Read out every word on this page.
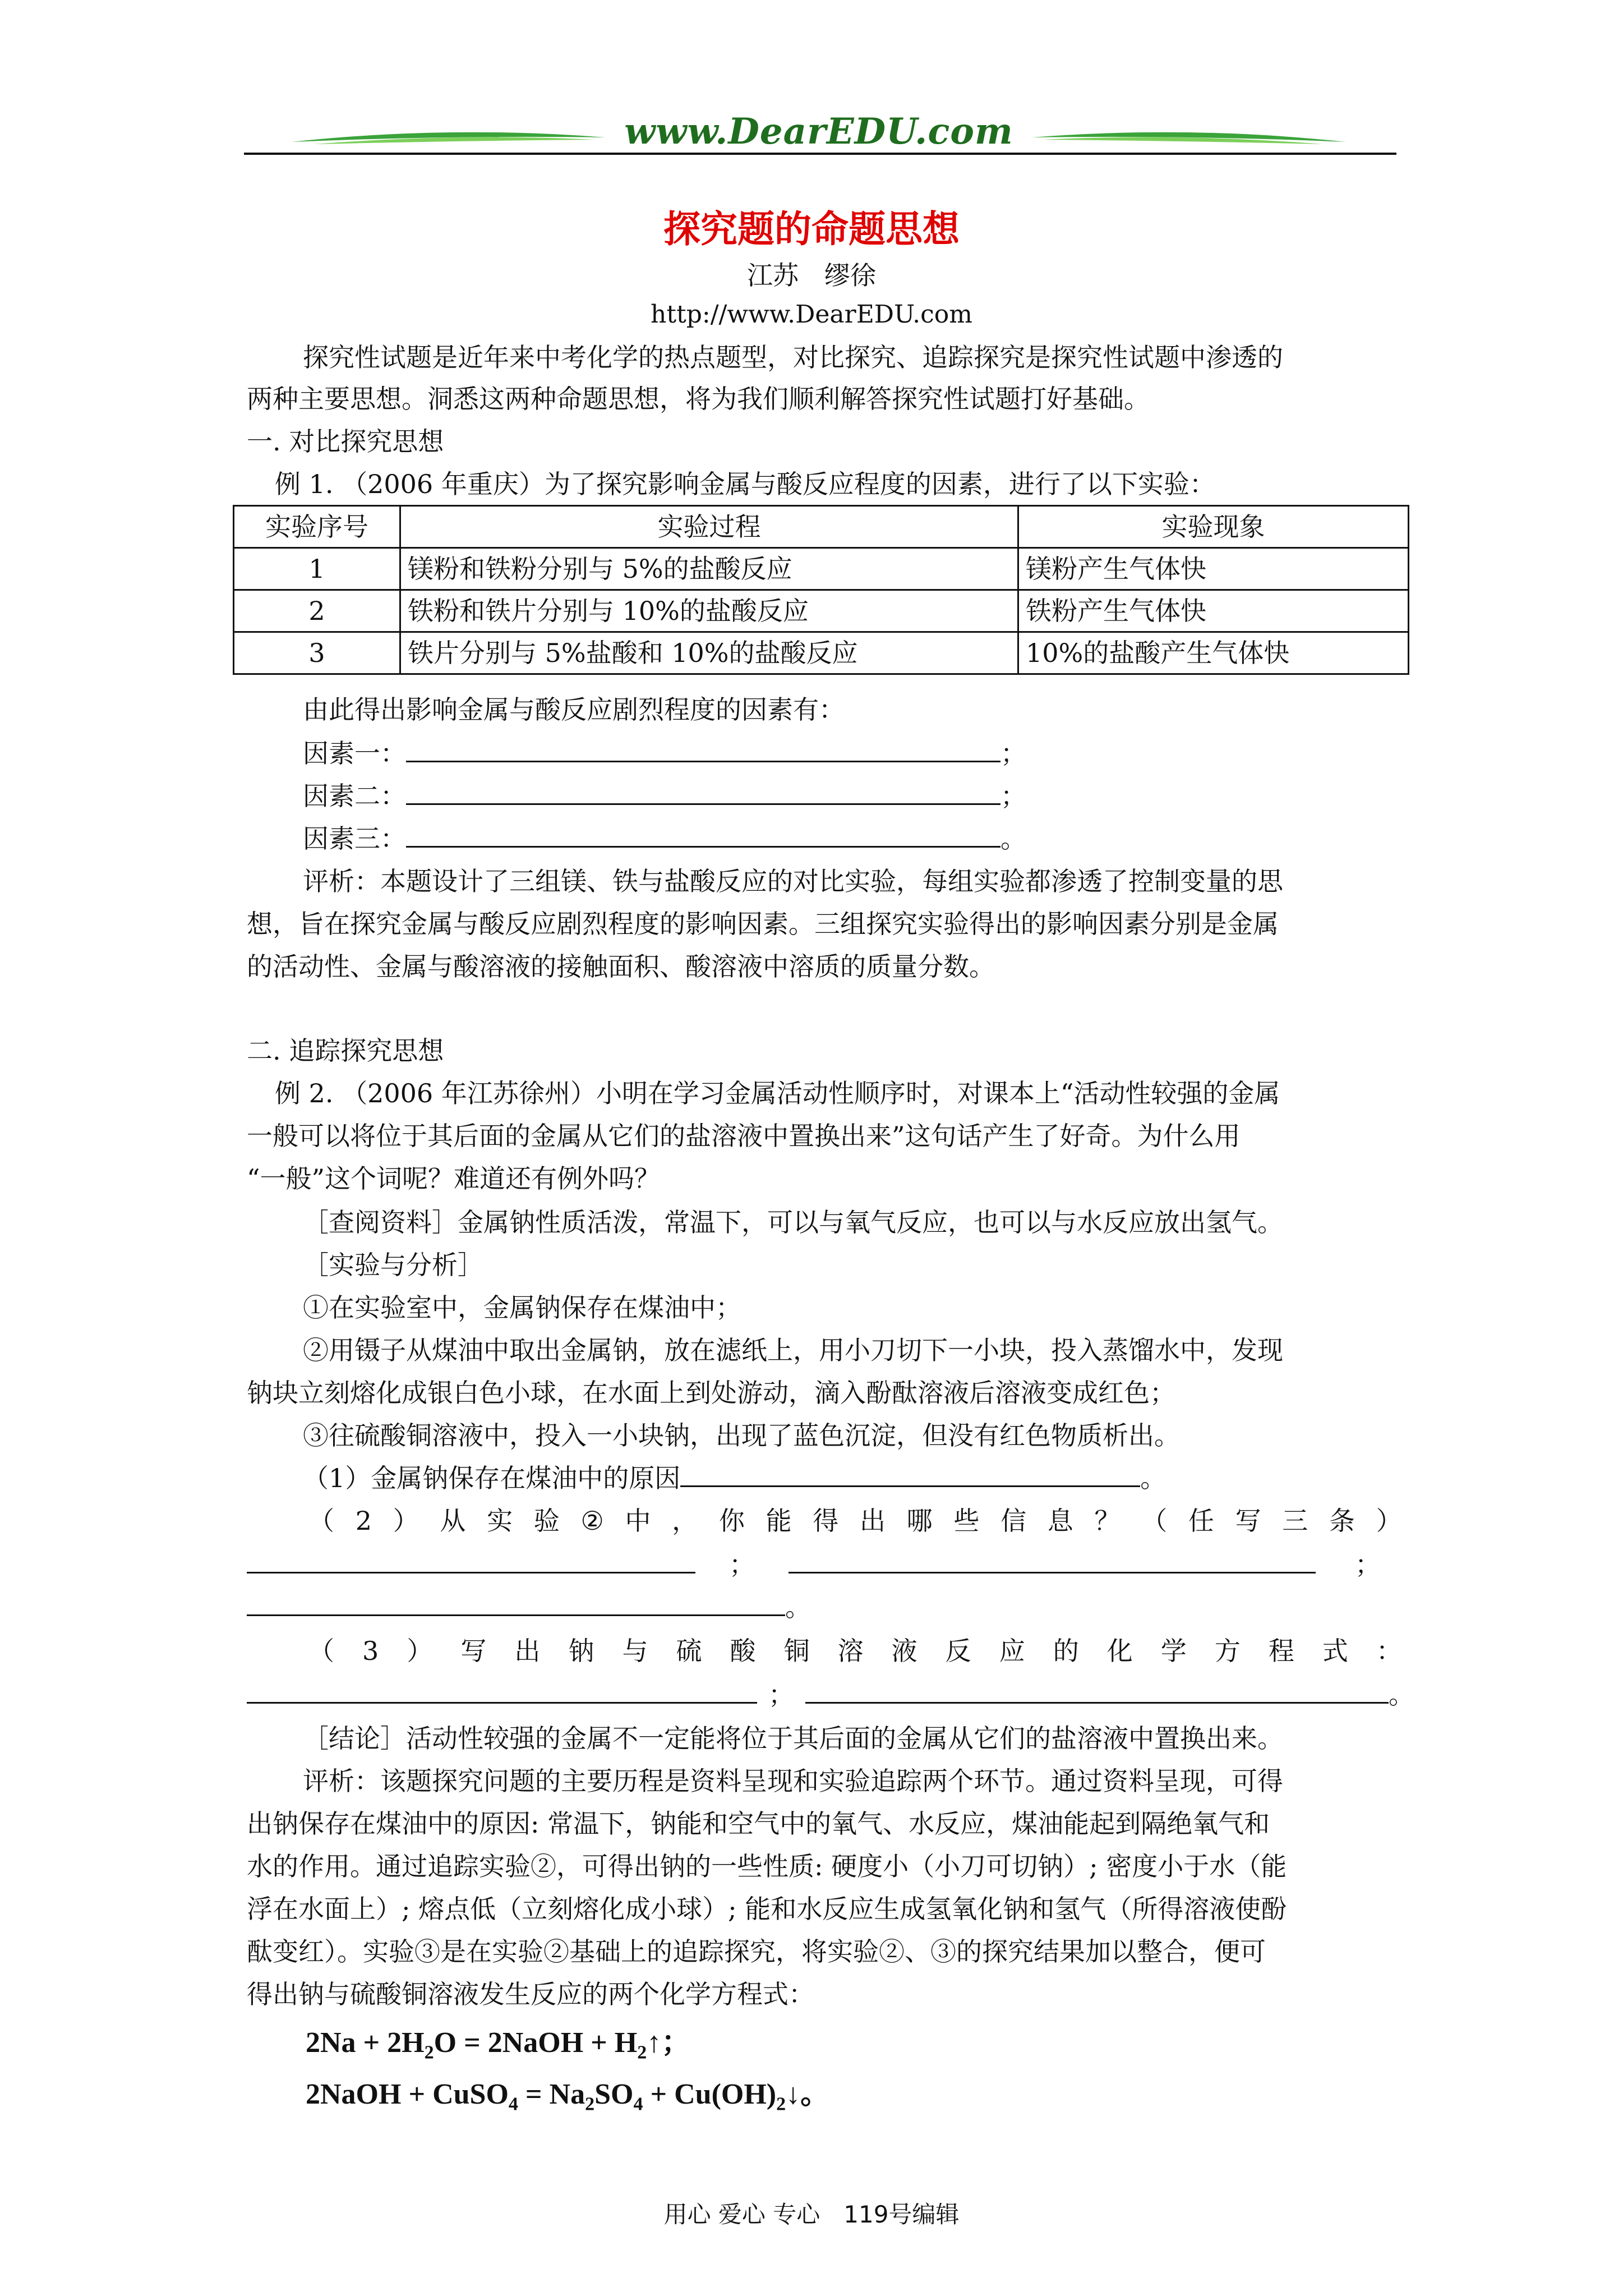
www.DearEDU.com
探究题的命题思想
江苏　缪徐
http://www.DearEDU.com
探究性试题是近年来中考化学的热点题型，对比探究、追踪探究是探究性试题中渗透的
两种主要思想。洞悉这两种命题思想，将为我们顺利解答探究性试题打好基础。
一. 对比探究思想
例 1. （2006 年重庆）为了探究影响金属与酸反应程度的因素，进行了以下实验：
实验序号	实验过程	实验现象
1	镁粉和铁粉分别与 5%的盐酸反应	镁粉产生气体快
2	铁粉和铁片分别与 10%的盐酸反应	铁粉产生气体快
3	铁片分别与 5%盐酸和 10%的盐酸反应	10%的盐酸产生气体快
由此得出影响金属与酸反应剧烈程度的因素有：
因素一：	；
因素二：	；
因素三：	。
评析：本题设计了三组镁、铁与盐酸反应的对比实验，每组实验都渗透了控制变量的思
想，旨在探究金属与酸反应剧烈程度的影响因素。三组探究实验得出的影响因素分别是金属
的活动性、金属与酸溶液的接触面积、酸溶液中溶质的质量分数。
二. 追踪探究思想
例 2. （2006 年江苏徐州）小明在学习金属活动性顺序时，对课本上“活动性较强的金属
一般可以将位于其后面的金属从它们的盐溶液中置换出来”这句话产生了好奇。为什么用
“一般”这个词呢？难道还有例外吗？
［查阅资料］金属钠性质活泼，常温下，可以与氧气反应，也可以与水反应放出氢气。
［实验与分析］
①在实验室中，金属钠保存在煤油中；
②用镊子从煤油中取出金属钠，放在滤纸上，用小刀切下一小块，投入蒸馏水中，发现
钠块立刻熔化成银白色小球，在水面上到处游动，滴入酚酞溶液后溶液变成红色；
③往硫酸铜溶液中，投入一小块钠，出现了蓝色沉淀，但没有红色物质析出。
（1）金属钠保存在煤油中的原因	。
（ 2 ） 从 实 验 ② 中 ， 你 能 得 出 哪 些 信 息 ？ （ 任 写 三 条 ）
；	；
。
（ 3 ） 写 出 钠 与 硫 酸 铜 溶 液 反 应 的 化 学 方 程 式 ：
；	。
［结论］活动性较强的金属不一定能将位于其后面的金属从它们的盐溶液中置换出来。
评析：该题探究问题的主要历程是资料呈现和实验追踪两个环节。通过资料呈现，可得
出钠保存在煤油中的原因: 常温下，钠能和空气中的氧气、水反应，煤油能起到隔绝氧气和
水的作用。通过追踪实验②，可得出钠的一些性质: 硬度小（小刀可切钠）; 密度小于水（能
浮在水面上）; 熔点低（立刻熔化成小球）; 能和水反应生成氢氧化钠和氢气（所得溶液使酚
酞变红）。实验③是在实验②基础上的追踪探究，将实验②、③的探究结果加以整合，便可
得出钠与硫酸铜溶液发生反应的两个化学方程式：
$2Na + 2H_2O$ = 2NaOH + $H_2↑$；
2NaOH + CuSO$_4$ = $Na_2SO_4$ + $Cu(OH)_2↓$。
用心 爱心 专心　119号编辑
